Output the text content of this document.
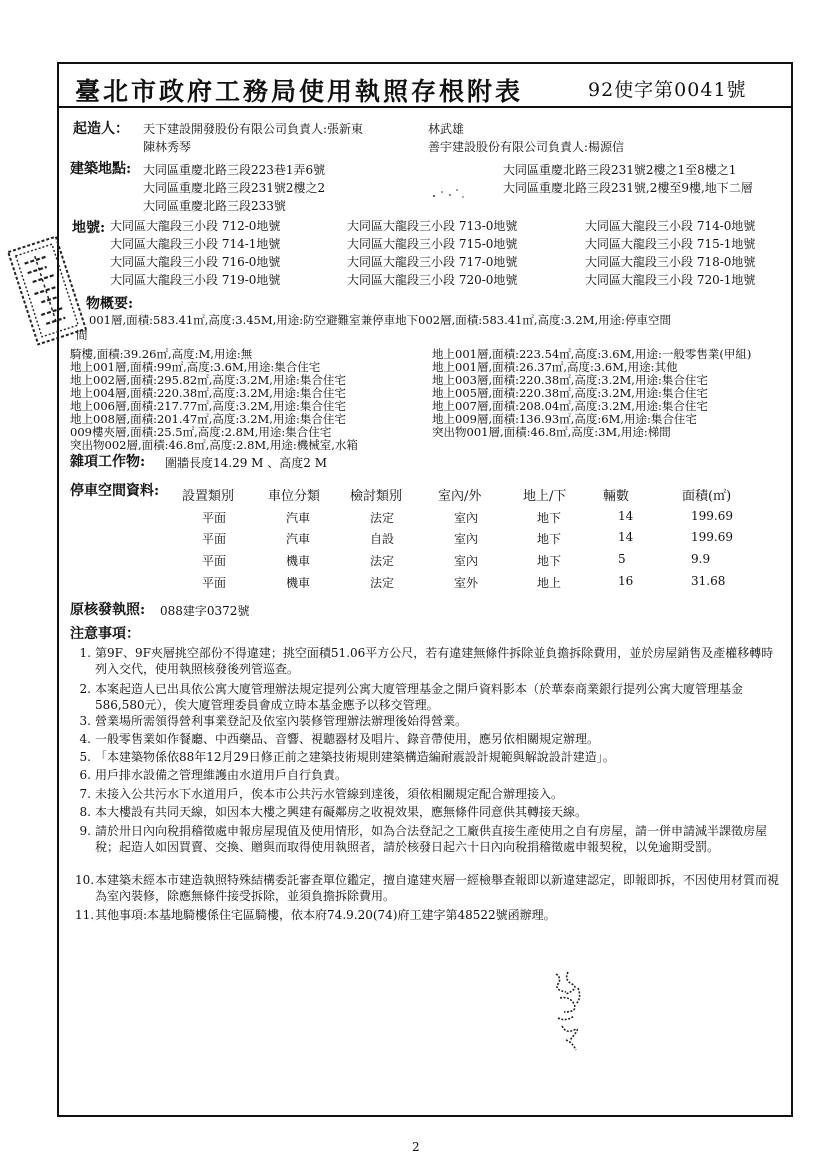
臺北市政府工務局使用執照存根附表	92使字第0041號
起造人： 天下建設開發股份有限公司負責人:張新東
陳林秀琴
林武雄
善宇建設股份有限公司負責人:楊源信
建築地點: 大同區重慶北路三段223巷1弄6號
大同區重慶北路三段231號2樓之2
大同區重慶北路三段233號
大同區重慶北路三段231號2樓之1至8樓之1
大同區重慶北路三段231號,2樓至9樓,地下二層
地號: 大同區大龍段三小段 712-0地號	大同區大龍段三小段 713-0地號	大同區大龍段三小段 714-0地號
大同區大龍段三小段 714-1地號	大同區大龍段三小段 715-0地號	大同區大龍段三小段 715-1地號
大同區大龍段三小段 716-0地號	大同區大龍段三小段 717-0地號	大同區大龍段三小段 718-0地號
大同區大龍段三小段 719-0地號	大同區大龍段三小段 720-0地號	大同區大龍段三小段 720-1地號
物概要:
001層,面積:583.41㎡,高度:3.45M,用途:防空避難室兼停車地下002層,面積:583.41㎡,高度:3.2M,用途:停車空間
間
騎樓,面積:39.26㎡,高度:M,用途:無
地上001層,面積:99㎡,高度:3.6M,用途:集合住宅
地上002層,面積:295.82㎡,高度:3.2M,用途:集合住宅
地上004層,面積:220.38㎡,高度:3.2M,用途:集合住宅
地上006層,面積:217.77㎡,高度:3.2M,用途:集合住宅
地上008層,面積:201.47㎡,高度:3.2M,用途:集合住宅
009樓夾層,面積:25.5㎡,高度:2.8M,用途:集合住宅
突出物002層,面積:46.8㎡,高度:2.8M,用途:機械室,水箱
地上001層,面積:223.54㎡,高度:3.6M,用途:一般零售業(甲組)
地上001層,面積:26.37㎡,高度:3.6M,用途:其他
地上003層,面積:220.38㎡,高度:3.2M,用途:集合住宅
地上005層,面積:220.38㎡,高度:3.2M,用途:集合住宅
地上007層,面積:208.04㎡,高度:3.2M,用途:集合住宅
地上009層,面積:136.93㎡,高度:6M,用途:集合住宅
突出物001層,面積:46.8㎡,高度:3M,用途:梯間
雜項工作物: 圍牆長度14.29 M 、高度2 M
停車空間資料: 設置類別	車位分類 檢討類別	室內/外	地上/下	輛數	面積(㎡)
平面	汽車	法定	室內	地下	14	199.69
平面	汽車	自設	室內	地下	14	199.69
平面	機車	法定	室內	地下	5	9.9
平面	機車	法定	室外	地上	16	31.68
原核發執照: 088建字0372號
注意事項：
1. 第9F、9F夾層挑空部份不得違建；挑空面積51.06平方公尺，若有違建無條件拆除並負擔拆除費用，並於房屋銷售及產權移轉時列入交代，使用執照核發後列管巡查。
2. 本案起造人已出具依公寓大廈管理辦法規定提列公寓大廈管理基金之開戶資料影本（於華泰商業銀行提列公寓大廈管理基金586,580元），俟大廈管理委員會成立時本基金應予以移交管理。
3. 營業場所需領得營利事業登記及依室內裝修管理辦法辦理後始得營業。
4. 一般零售業如作餐廳、中西藥品、音響、視聽器材及唱片、錄音帶使用，應另依相關規定辦理。
5. 「本建築物係依88年12月29日修正前之建築技術規則建築構造編耐震設計規範與解說設計建造」。
6. 用戶排水設備之管理維護由水道用戶自行負責。
7. 未接入公共污水下水道用戶，俟本市公共污水管線到達後，須依相關規定配合辦理接入。
8. 本大樓設有共同天線，如因本大樓之興建有礙鄰房之收視效果，應無條件同意供其轉接天線。
9. 請於卅日內向稅捐稽徵處申報房屋現值及使用情形，如為合法登記之工廠供直接生產使用之自有房屋，請一併申請減半課徵房屋稅；起造人如因買賣、交換、贈與而取得使用執照者，請於核發日起六十日內向稅捐稽徵處申報契稅，以免逾期受罰。
10.本建築未經本市建造執照特殊結構委託審查單位鑑定，擅自違建夾層一經檢舉查報即以新違建認定，即報即拆，不因使用材質而視為室內裝修，除應無條件接受拆除，並須負擔拆除費用。
11.其他事項:本基地騎樓係住宅區騎樓，依本府74.9.20(74)府工建字第48522號函辦理。
2
